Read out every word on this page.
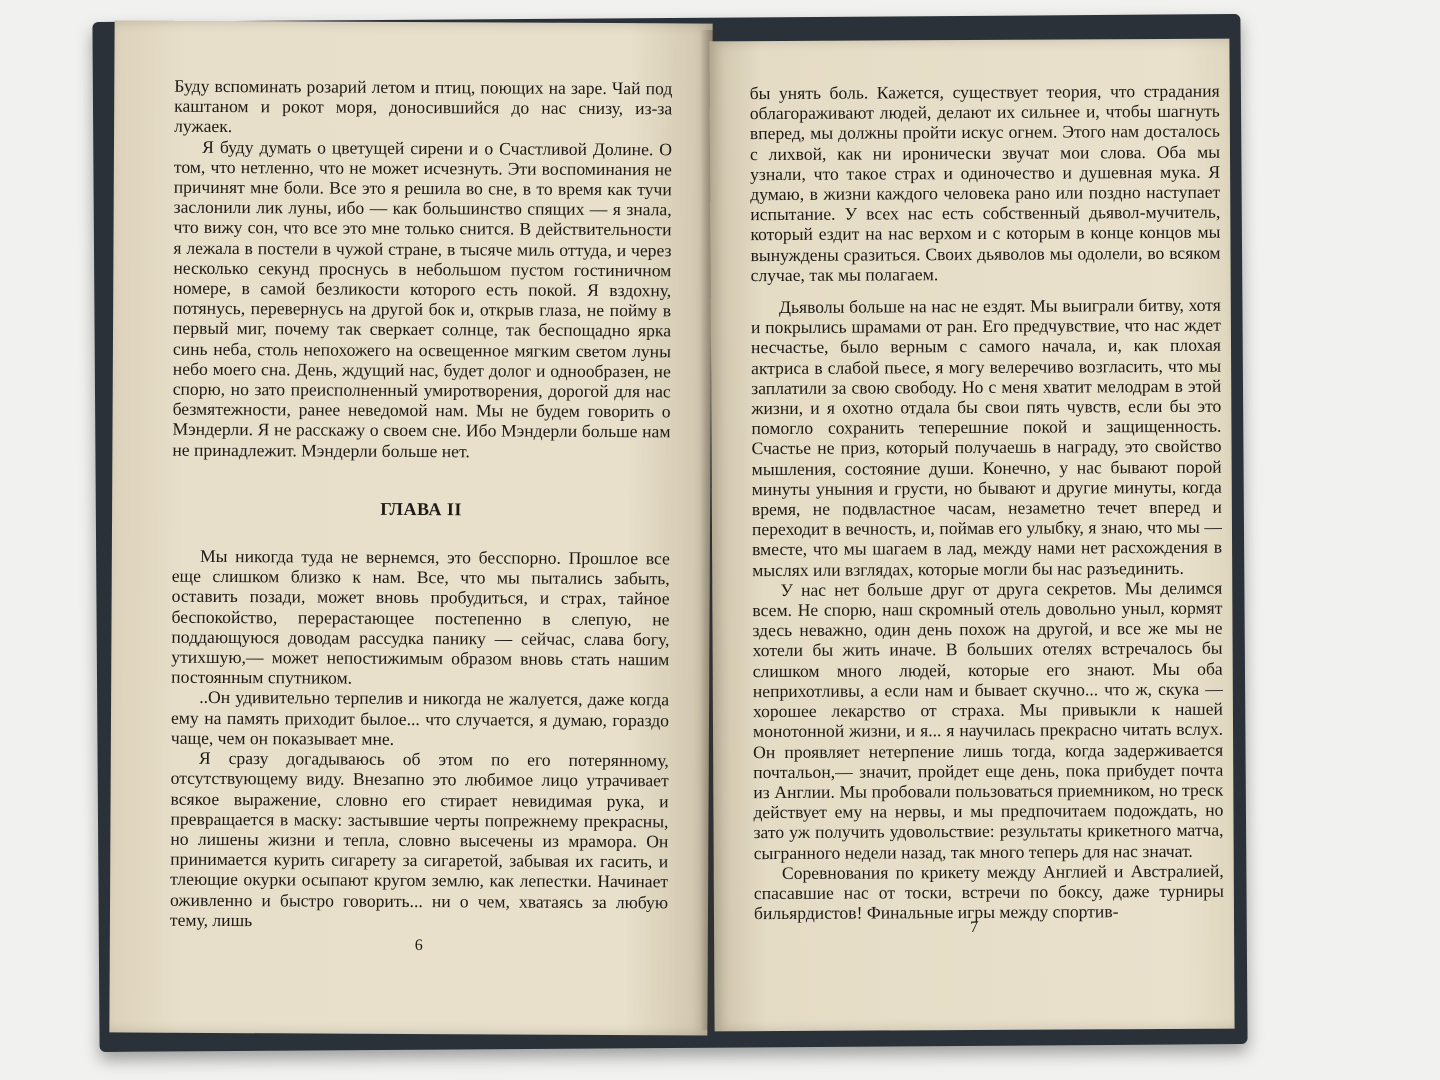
Буду вспоминать розарий летом и птиц, поющих на заре. Чай под каштаном и рокот моря, доносившийся до нас снизу, из-за лужаек.

Я буду думать о цветущей сирени и о Счастливой Долине. О том, что нетленно, что не может исчезнуть. Эти воспоминания не причинят мне боли. Все это я решила во сне, в то время как тучи заслонили лик луны, ибо — как большинство спящих — я знала, что вижу сон, что все это мне только снится. В действительности я лежала в постели в чужой стране, в тысяче миль оттуда, и через несколько секунд проснусь в небольшом пустом гостиничном номере, в самой безликости которого есть покой. Я вздохну, потянусь, перевернусь на другой бок и, открыв глаза, не пойму в первый миг, почему так сверкает солнце, так беспощадно ярка синь неба, столь непохожего на освещенное мягким светом луны небо моего сна. День, ждущий нас, будет долог и однообразен, не спорю, но зато преисполненный умиротворения, дорогой для нас безмятежности, ранее неведомой нам. Мы не будем говорить о Мэндерли. Я не расскажу о своем сне. Ибо Мэндерли больше нам не принадлежит. Мэндерли больше нет.

ГЛАВА II

Мы никогда туда не вернемся, это бесспорно. Прошлое все еще слишком близко к нам. Все, что мы пытались забыть, оставить позади, может вновь пробудиться, и страх, тайное беспокойство, перерастающее постепенно в слепую, не поддающуюся доводам рассудка панику — сейчас, слава богу, утихшую,— может непостижимым образом вновь стать нашим постоянным спутником.

..Он удивительно терпелив и никогда не жалуется, даже когда ему на память приходит былое... что случается, я думаю, гораздо чаще, чем он показывает мне.

Я сразу догадываюсь об этом по его потерянному, отсутствующему виду. Внезапно это любимое лицо утрачивает всякое выражение, словно его стирает невидимая рука, и превращается в маску: застывшие черты попрежнему прекрасны, но лишены жизни и тепла, словно высечены из мрамора. Он принимается курить сигарету за сигаретой, забывая их гасить, и тлеющие окурки осыпают кругом землю, как лепестки. Начинает оживленно и быстро говорить... ни о чем, хватаясь за любую тему, лишь

6

бы унять боль. Кажется, существует теория, что страдания облагораживают людей, делают их сильнее и, чтобы шагнуть вперед, мы должны пройти искус огнем. Этого нам досталось с лихвой, как ни иронически звучат мои слова. Оба мы узнали, что такое страх и одиночество и душевная мука. Я думаю, в жизни каждого человека рано или поздно наступает испытание. У всех нас есть собственный дьявол-мучитель, который ездит на нас верхом и с которым в конце концов мы вынуждены сразиться. Своих дьяволов мы одолели, во всяком случае, так мы полагаем.

Дьяволы больше на нас не ездят. Мы выиграли битву, хотя и покрылись шрамами от ран. Его предчувствие, что нас ждет несчастье, было верным с самого начала, и, как плохая актриса в слабой пьесе, я могу велеречиво возгласить, что мы заплатили за свою свободу. Но с меня хватит мелодрам в этой жизни, и я охотно отдала бы свои пять чувств, если бы это помогло сохранить теперешние покой и защищенность. Счастье не приз, который получаешь в награду, это свойство мышления, состояние души. Конечно, у нас бывают порой минуты уныния и грусти, но бывают и другие минуты, когда время, не подвластное часам, незаметно течет вперед и переходит в вечность, и, поймав его улыбку, я знаю, что мы — вместе, что мы шагаем в лад, между нами нет расхождения в мыслях или взглядах, которые могли бы нас разъединить.

У нас нет больше друг от друга секретов. Мы делимся всем. Не спорю, наш скромный отель довольно уныл, кормят здесь неважно, один день похож на другой, и все же мы не хотели бы жить иначе. В больших отелях встречалось бы слишком много людей, которые его знают. Мы оба неприхотливы, а если нам и бывает скучно... что ж, скука — хорошее лекарство от страха. Мы привыкли к нашей монотонной жизни, и я... я научилась прекрасно читать вслух. Он проявляет нетерпение лишь тогда, когда задерживается почтальон,— значит, пройдет еще день, пока прибудет почта из Англии. Мы пробовали пользоваться приемником, но треск действует ему на нервы, и мы предпочитаем подождать, но зато уж получить удовольствие: результаты крикетного матча, сыгранного недели назад, так много теперь для нас значат.

Соревнования по крикету между Англией и Австралией, спасавшие нас от тоски, встречи по боксу, даже турниры бильярдистов! Финальные игры между спортив-

7
